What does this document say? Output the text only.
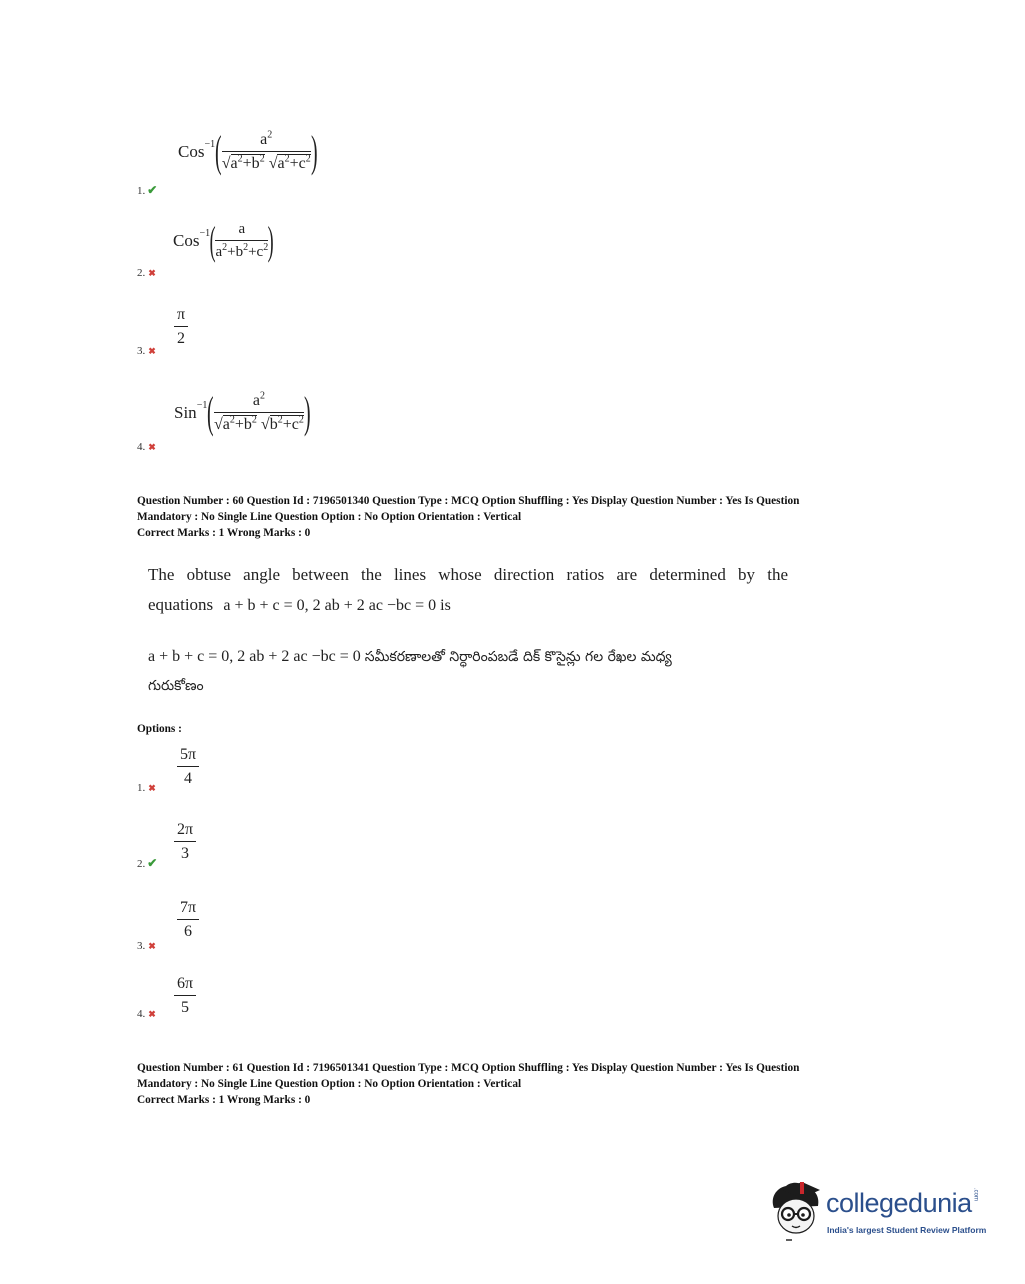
Cos −1 ( $\frac{a^2}{√a^2+b^2 √a^2+c^2}$ )
1. ✔
Cos −1 ( $\frac{a}{a^2+b^2+c^2}$ )
2. ✖
$\frac{\pi}{2}$
3. ✖
Sin −1 ( $\frac{a^2}{√a^2+b^2 √b^2+c^2}$ )
4. ✖
Question Number : 60 Question Id : 7196501340 Question Type : MCQ Option Shuffling : Yes Display Question Number : Yes Is Question
Mandatory : No Single Line Question Option : No Option Orientation : Vertical
Correct Marks : 1 Wrong Marks : 0
The obtuse angle between the lines whose direction ratios are determined by the
equations a + b + c = 0, 2 ab + 2 ac −bc = 0 is
a + b + c = 0, 2 ab + 2 ac −bc = 0 సమీకరణాలతో నిర్ధారింపబడే దిక్ కొసైన్లు గల రేఖల మధ్య
గురుకోణం
Options :
$\frac{5\pi}{4}$
1. ✖
$\frac{2\pi}{3}$
2. ✔
$\frac{7\pi}{6}$
3. ✖
$\frac{6\pi}{5}$
4. ✖
Question Number : 61 Question Id : 7196501341 Question Type : MCQ Option Shuffling : Yes Display Question Number : Yes Is Question
Mandatory : No Single Line Question Option : No Option Orientation : Vertical
Correct Marks : 1 Wrong Marks : 0
collegedunia.com
India's largest Student Review Platform
